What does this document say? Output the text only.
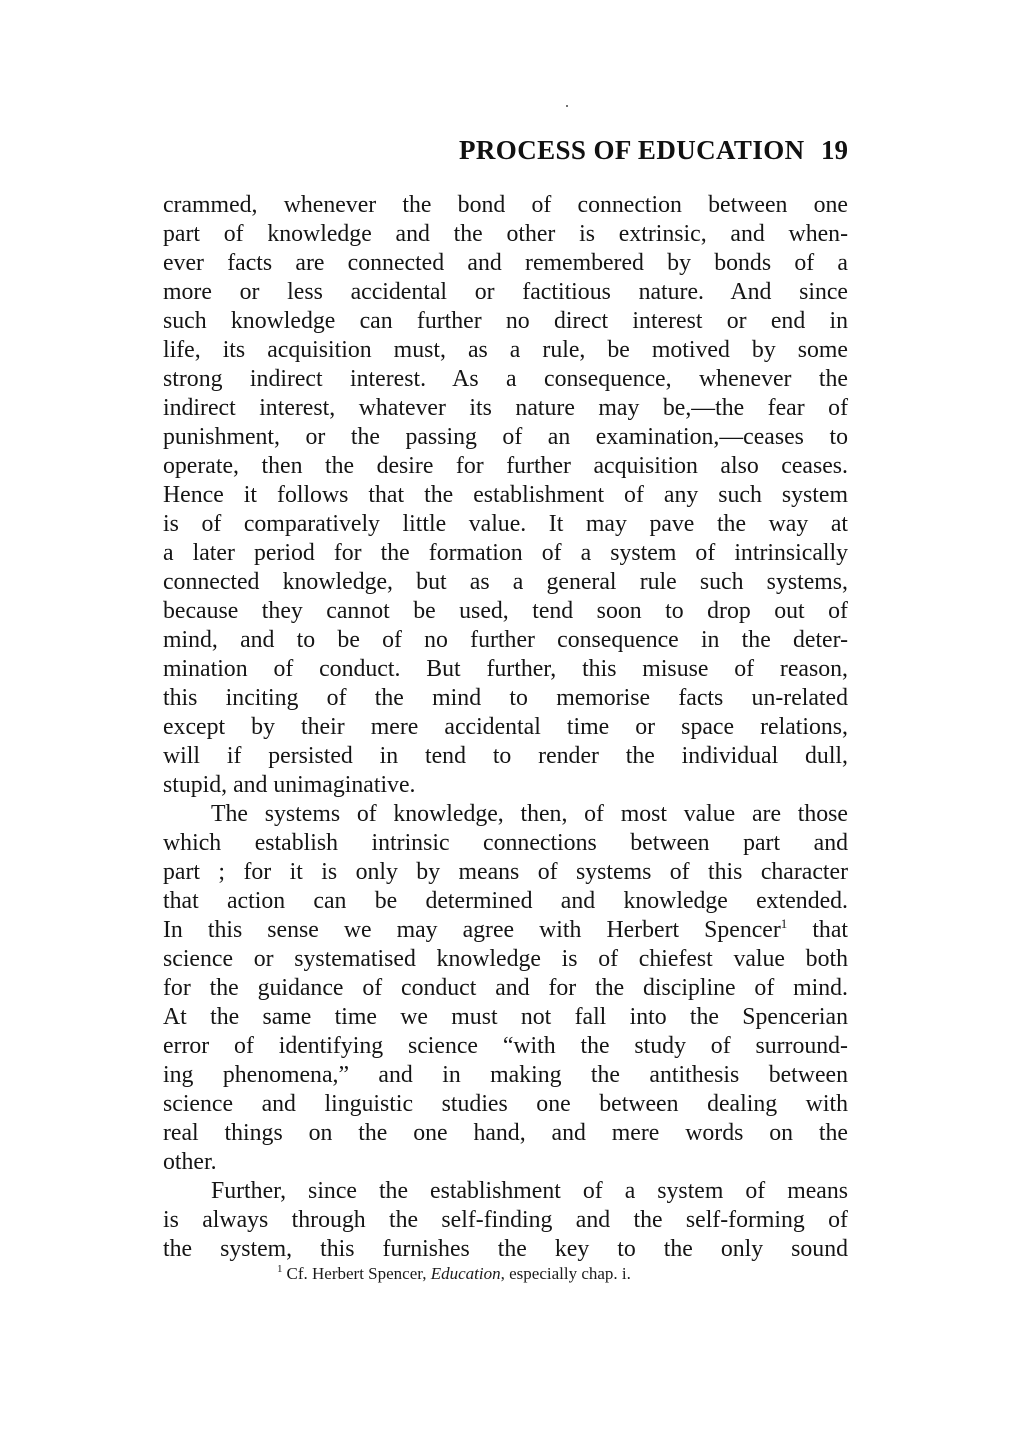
PROCESS OF EDUCATION 19
crammed, whenever the bond of connection between one
part of knowledge and the other is extrinsic, and when-
ever facts are connected and remembered by bonds of a
more or less accidental or factitious nature. And since
such knowledge can further no direct interest or end in
life, its acquisition must, as a rule, be motived by some
strong indirect interest. As a consequence, whenever the
indirect interest, whatever its nature may be,—the fear of
punishment, or the passing of an examination,—ceases to
operate, then the desire for further acquisition also ceases.
Hence it follows that the establishment of any such system
is of comparatively little value. It may pave the way at
a later period for the formation of a system of intrinsically
connected knowledge, but as a general rule such systems,
because they cannot be used, tend soon to drop out of
mind, and to be of no further consequence in the deter-
mination of conduct. But further, this misuse of reason,
this inciting of the mind to memorise facts un-related
except by their mere accidental time or space relations,
will if persisted in tend to render the individual dull,
stupid, and unimaginative.
The systems of knowledge, then, of most value are those
which establish intrinsic connections between part and
part ; for it is only by means of systems of this character
that action can be determined and knowledge extended.
In this sense we may agree with Herbert Spencer$^1$ that
science or systematised knowledge is of chiefest value both
for the guidance of conduct and for the discipline of mind.
At the same time we must not fall into the Spencerian
error of identifying science “with the study of surround-
ing phenomena,” and in making the antithesis between
science and linguistic studies one between dealing with
real things on the one hand, and mere words on the
other.
Further, since the establishment of a system of means
is always through the self-finding and the self-forming of
the system, this furnishes the key to the only sound
$^1$ Cf. Herbert Spencer, Education, especially chap. i.
